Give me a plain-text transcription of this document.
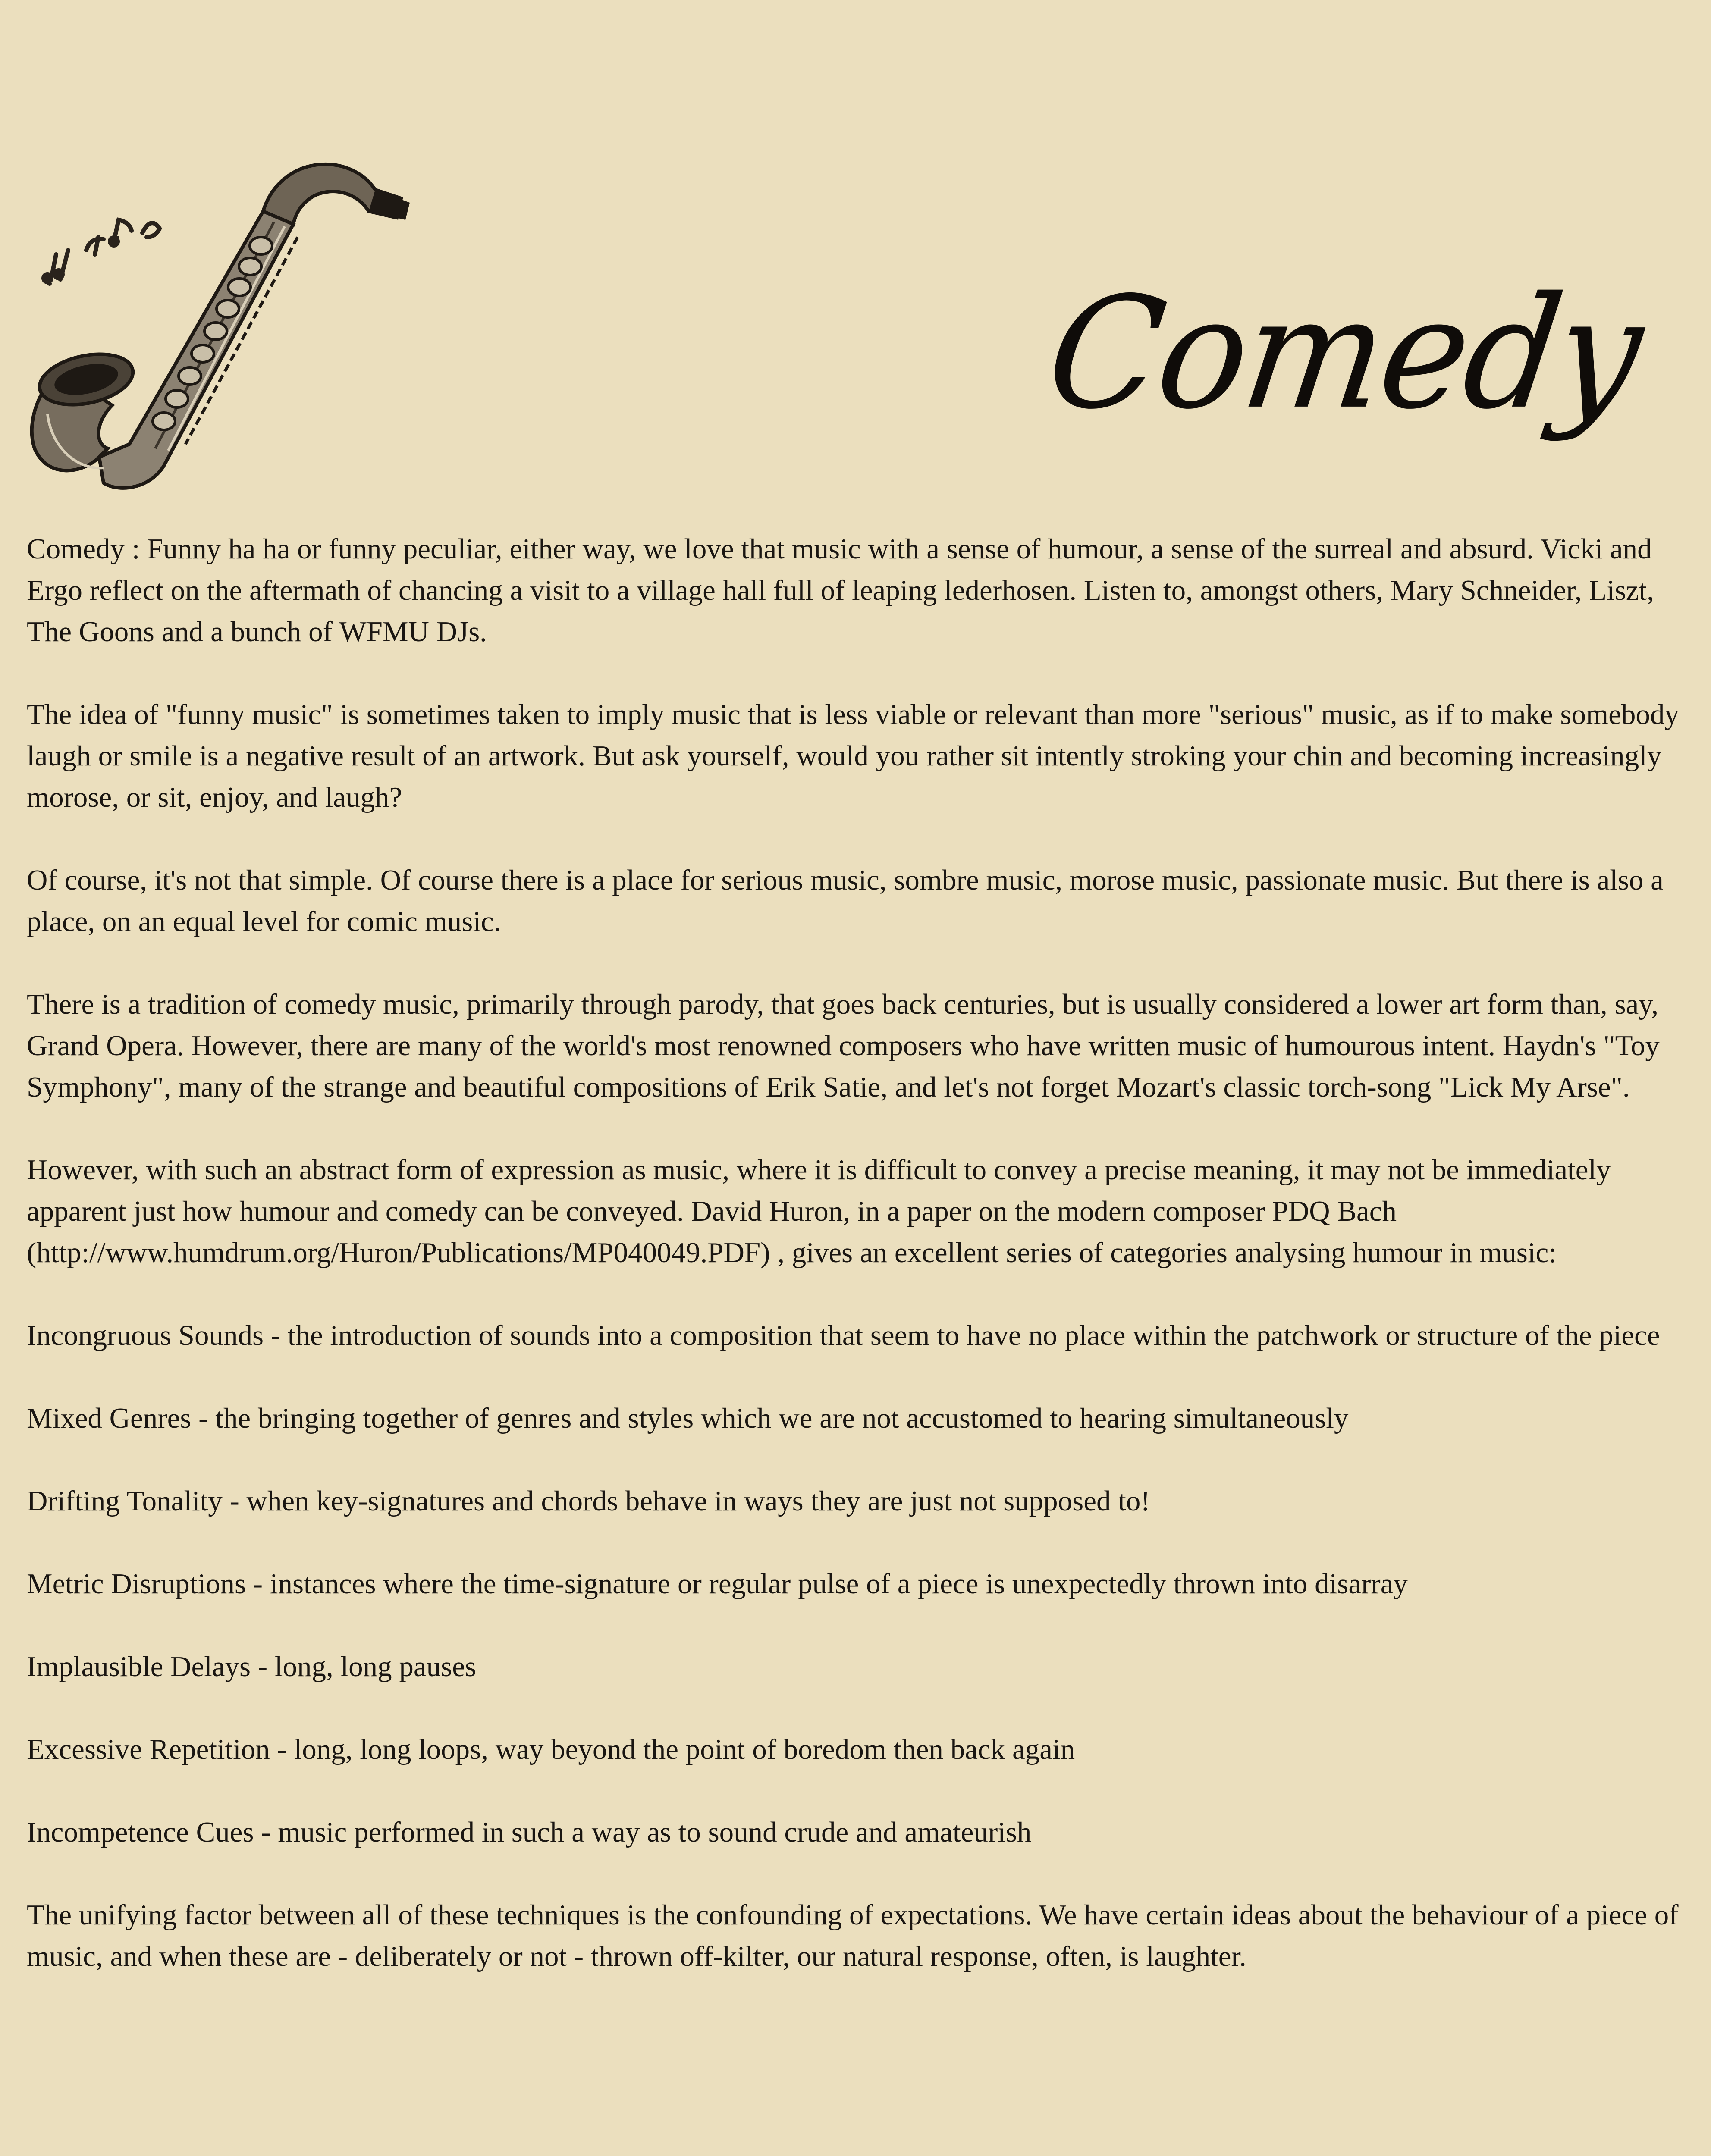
Comedy

Comedy : Funny ha ha or funny peculiar, either way, we love that music with a sense of humour, a sense of the surreal and absurd. Vicki and Ergo reflect on the aftermath of chancing a visit to a village hall full of leaping lederhosen. Listen to, amongst others, Mary Schneider, Liszt, The Goons and a bunch of WFMU DJs.

The idea of "funny music" is sometimes taken to imply music that is less viable or relevant than more "serious" music, as if to make somebody laugh or smile is a negative result of an artwork. But ask yourself, would you rather sit intently stroking your chin and becoming increasingly morose, or sit, enjoy, and laugh?

Of course, it's not that simple. Of course there is a place for serious music, sombre music, morose music, passionate music. But there is also a place, on an equal level for comic music.

There is a tradition of comedy music, primarily through parody, that goes back centuries, but is usually considered a lower art form than, say, Grand Opera. However, there are many of the world's most renowned composers who have written music of humourous intent. Haydn's "Toy Symphony", many of the strange and beautiful compositions of Erik Satie, and let's not forget Mozart's classic torch-song "Lick My Arse".

However, with such an abstract form of expression as music, where it is difficult to convey a precise meaning, it may not be immediately apparent just how humour and comedy can be conveyed. David Huron, in a paper on the modern composer PDQ Bach (http://www.humdrum.org/Huron/Publications/MP040049.PDF) , gives an excellent series of categories analysing humour in music:

Incongruous Sounds - the introduction of sounds into a composition that seem to have no place within the patchwork or structure of the piece

Mixed Genres - the bringing together of genres and styles which we are not accustomed to hearing simultaneously

Drifting Tonality - when key-signatures and chords behave in ways they are just not supposed to!

Metric Disruptions - instances where the time-signature or regular pulse of a piece is unexpectedly thrown into disarray

Implausible Delays - long, long pauses

Excessive Repetition - long, long loops, way beyond the point of boredom then back again

Incompetence Cues - music performed in such a way as to sound crude and amateurish

The unifying factor between all of these techniques is the confounding of expectations. We have certain ideas about the behaviour of a piece of music, and when these are - deliberately or not - thrown off-kilter, our natural response, often, is laughter.
